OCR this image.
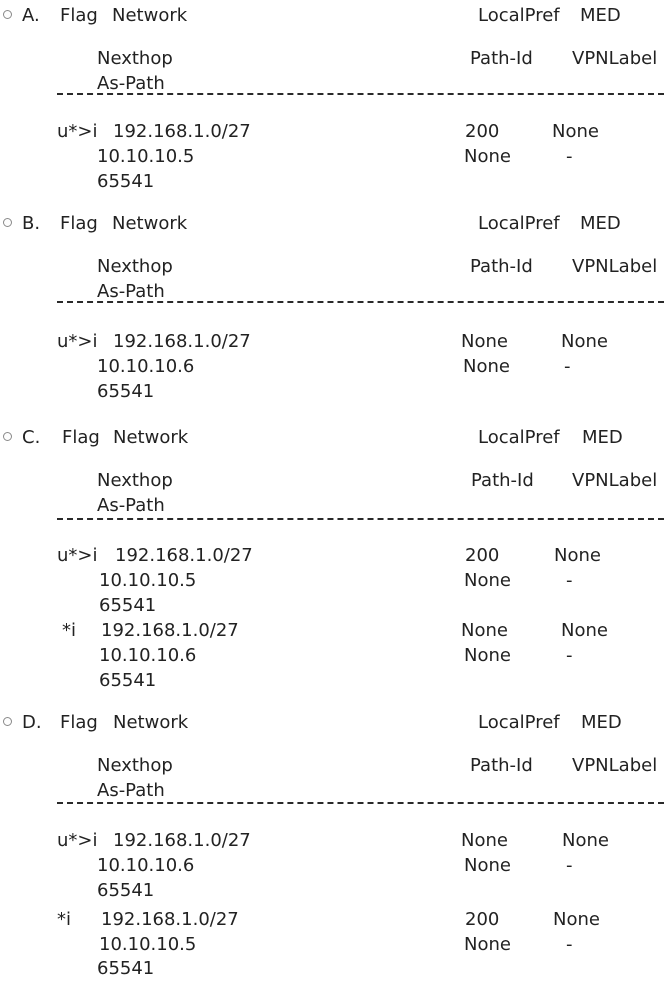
A. Flag Network	LocalPref MED
Nexthop	Path-Id VPNLabel
As-Path
u*>i 192.168.1.0/27	200	None
10.10.10.5	None	-
65541
B. Flag Network	LocalPref MED
Nexthop	Path-Id VPNLabel
As-Path
u*>i 192.168.1.0/27	None	None
10.10.10.6	None	-
65541
C. Flag Network	LocalPref MED
Nexthop	Path-Id VPNLabel
As-Path
u*>i 192.168.1.0/27	200	None
10.10.10.5	None	-
65541
*i 192.168.1.0/27	None	None
10.10.10.6	None	-
65541
D. Flag Network	LocalPref MED
Nexthop	Path-Id VPNLabel
As-Path
u*>i 192.168.1.0/27	None	None
10.10.10.6	None	-
65541
*i 192.168.1.0/27	200	None
10.10.10.5	None	-
65541
